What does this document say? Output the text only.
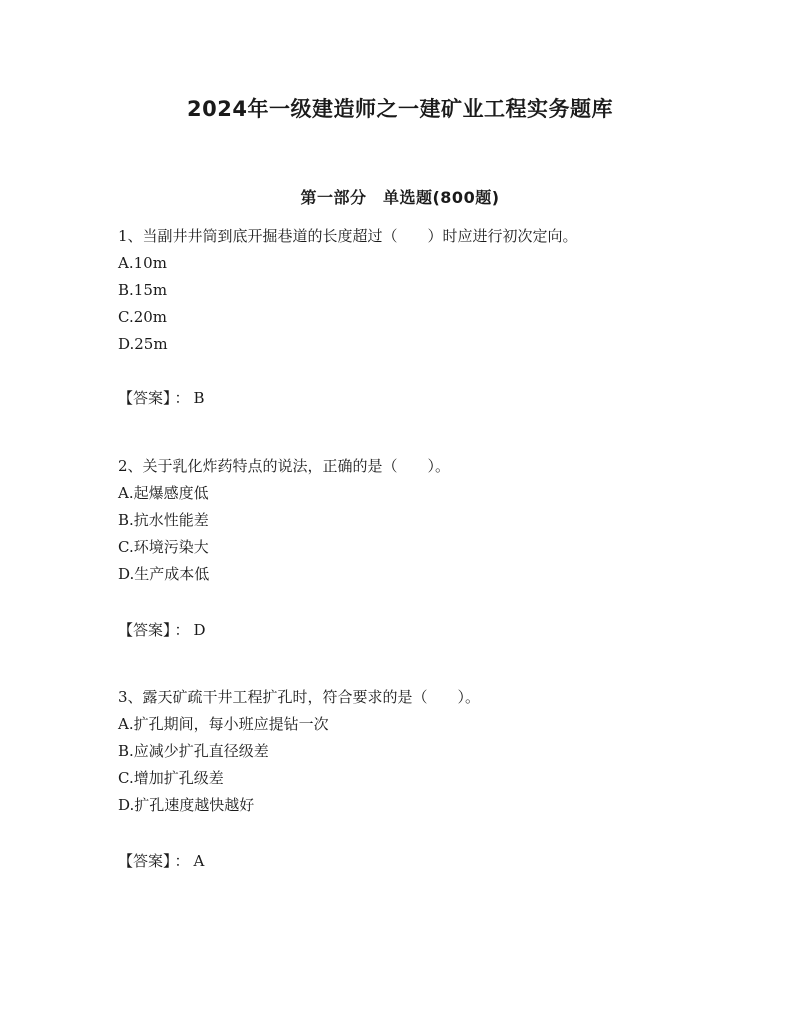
2024年一级建造师之一建矿业工程实务题库
第一部分　单选题(800题)
1、当副井井筒到底开掘巷道的长度超过（　　）时应进行初次定向。
A.10m
B.15m
C.20m
D.25m
【答案】 ： B
2、关于乳化炸药特点的说法，正确的是（　　）。
A.起爆感度低
B.抗水性能差
C.环境污染大
D.生产成本低
【答案】 ： D
3、露天矿疏干井工程扩孔时，符合要求的是（　　）。
A.扩孔期间，每小班应提钻一次
B.应减少扩孔直径级差
C.增加扩孔级差
D.扩孔速度越快越好
【答案】 ： A
